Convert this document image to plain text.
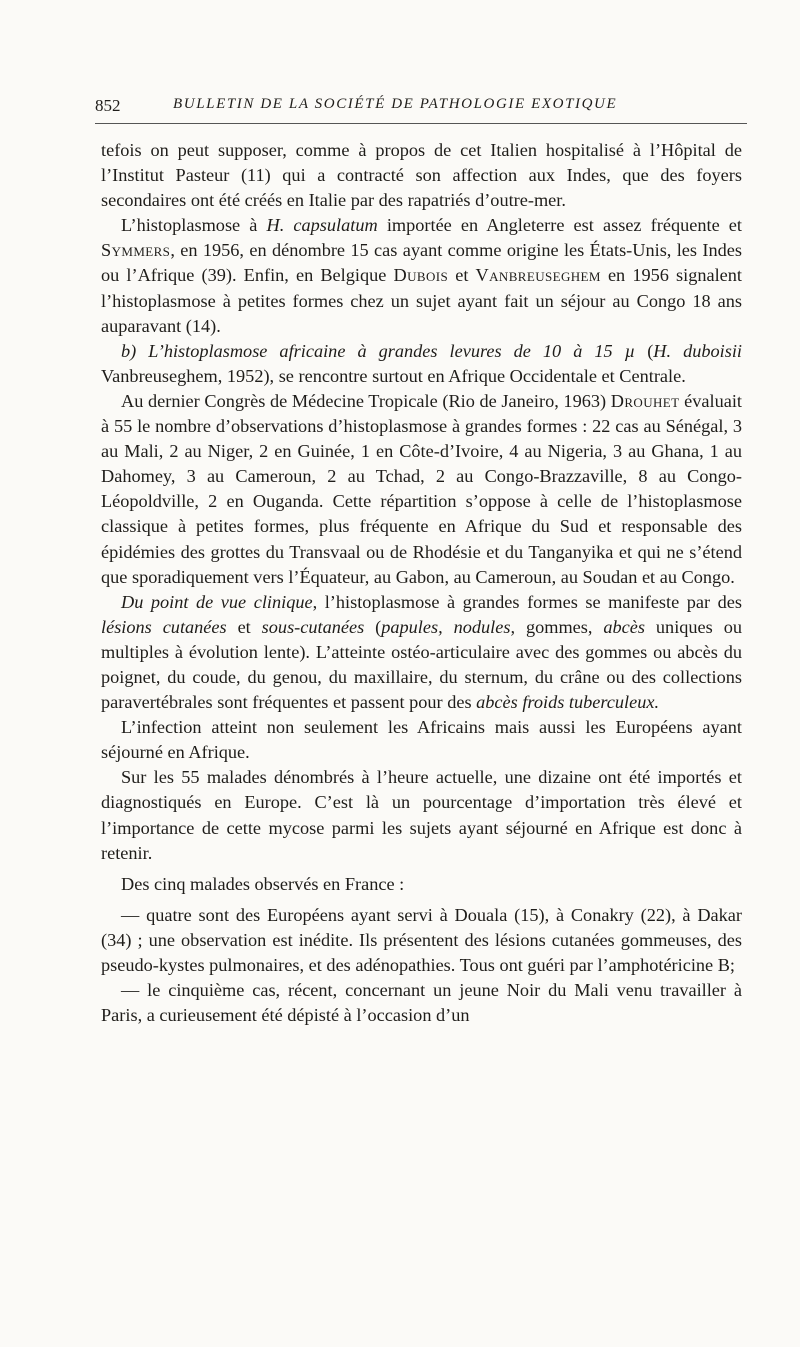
852	BULLETIN DE LA SOCIÉTÉ DE PATHOLOGIE EXOTIQUE

tefois on peut supposer, comme à propos de cet Italien hospitalisé à l’Hôpital de l’Institut Pasteur (11) qui a contracté son affection aux Indes, que des foyers secondaires ont été créés en Italie par des rapatriés d’outre-mer.

L’histoplasmose à H. capsulatum importée en Angleterre est assez fréquente et Symmers, en 1956, en dénombre 15 cas ayant comme origine les États-Unis, les Indes ou l’Afrique (39). Enfin, en Belgique Dubois et Vanbreuseghem en 1956 signalent l’histoplasmose à petites formes chez un sujet ayant fait un séjour au Congo 18 ans auparavant (14).

b) L’histoplasmose africaine à grandes levures de 10 à 15 µ (H. duboisii Vanbreuseghem, 1952), se rencontre surtout en Afrique Occidentale et Centrale.

Au dernier Congrès de Médecine Tropicale (Rio de Janeiro, 1963) Drouhet évaluait à 55 le nombre d’observations d’histoplasmose à grandes formes : 22 cas au Sénégal, 3 au Mali, 2 au Niger, 2 en Guinée, 1 en Côte-d’Ivoire, 4 au Nigeria, 3 au Ghana, 1 au Dahomey, 3 au Cameroun, 2 au Tchad, 2 au Congo-Brazzaville, 8 au Congo-Léopoldville, 2 en Ouganda. Cette répartition s’oppose à celle de l’histoplasmose classique à petites formes, plus fréquente en Afrique du Sud et responsable des épidémies des grottes du Transvaal ou de Rhodésie et du Tanganyika et qui ne s’étend que sporadiquement vers l’Équateur, au Gabon, au Cameroun, au Soudan et au Congo.

Du point de vue clinique, l’histoplasmose à grandes formes se manifeste par des lésions cutanées et sous-cutanées (papules, nodules, gommes, abcès uniques ou multiples à évolution lente). L’atteinte ostéo-articulaire avec des gommes ou abcès du poignet, du coude, du genou, du maxillaire, du sternum, du crâne ou des collections paravertébrales sont fréquentes et passent pour des abcès froids tuberculeux.

L’infection atteint non seulement les Africains mais aussi les Européens ayant séjourné en Afrique.

Sur les 55 malades dénombrés à l’heure actuelle, une dizaine ont été importés et diagnostiqués en Europe. C’est là un pourcentage d’importation très élevé et l’importance de cette mycose parmi les sujets ayant séjourné en Afrique est donc à retenir.

Des cinq malades observés en France :

— quatre sont des Européens ayant servi à Douala (15), à Conakry (22), à Dakar (34) ; une observation est inédite. Ils présentent des lésions cutanées gommeuses, des pseudo-kystes pulmonaires, et des adénopathies. Tous ont guéri par l’amphotéricine B;

— le cinquième cas, récent, concernant un jeune Noir du Mali venu travailler à Paris, a curieusement été dépisté à l’occasion d’un
